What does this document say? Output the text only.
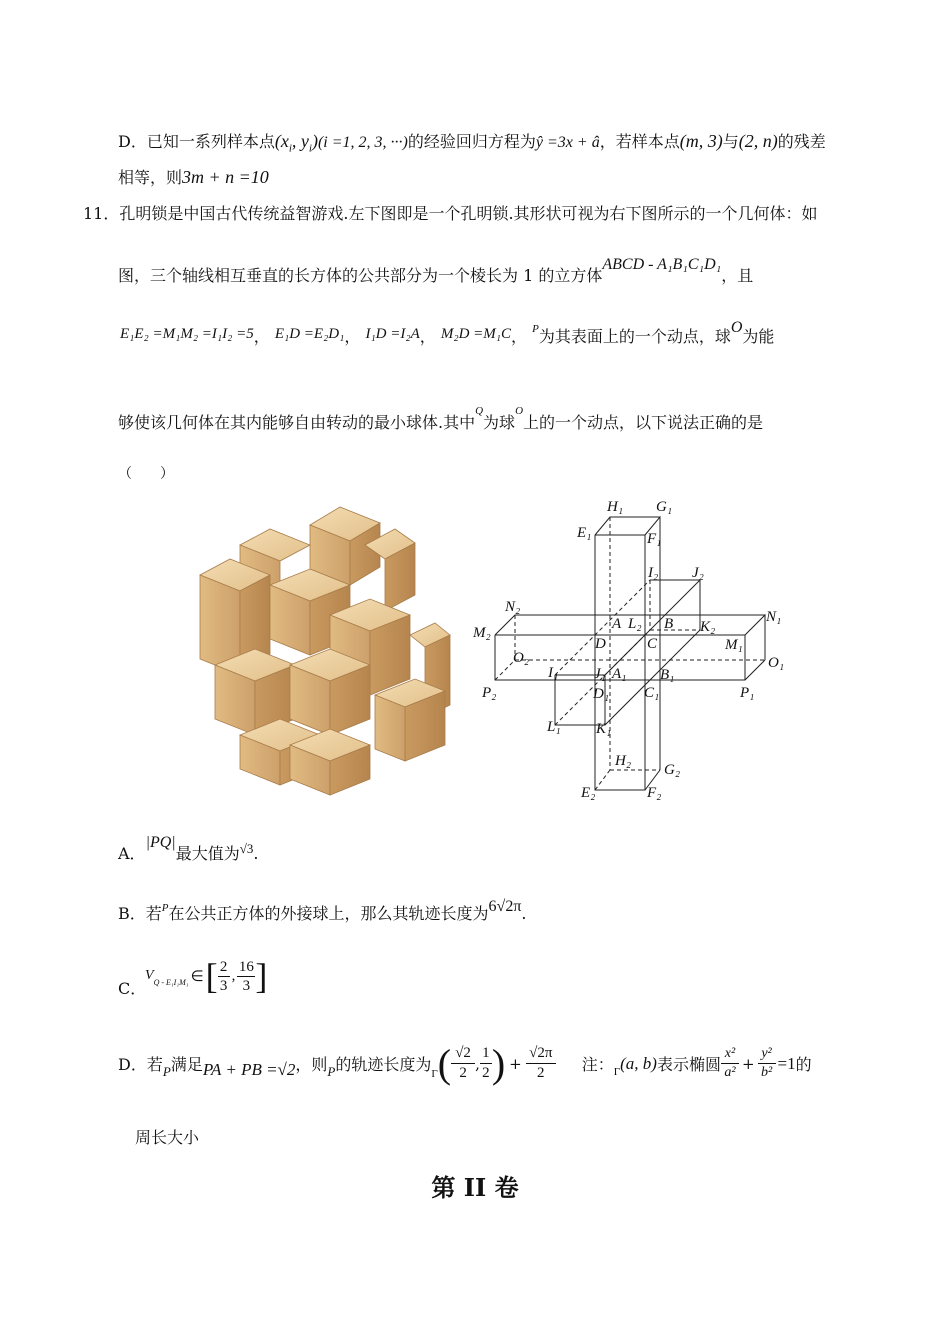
D．已知一系列样本点($x_i$, $y_i)(i =1$, 2, 3, ···)的经验回归方程为ŷ =3x + â，若样本点(m, 3)与(2, n)的残差
相等，则3m + n =10
11．孔明锁是中国古代传统益智游戏.左下图即是一个孔明锁.其形状可视为右下图所示的一个几何体：如
图，三个轴线相互垂直的长方体的公共部分为一个棱长为 1 的立方体ABCD - A₁B₁C₁D₁，且
E₁E₂ =M₁M₂ =I₁I₂ =5， E₁D =E₂D₁， I₁D =I₂A， M₂D =M₁C， $^P$为其表面上的一个动点，球O为能
够使该几何体在其内能够自由转动的最小球体.其中$^Q$为球$^O$上的一个动点，以下说法正确的是
（　　）
H₁ G₁
E₁	F₁
I₂ J₂
N₂
N₁
M₂
A L₂ B K₂
M₁
D	C
O₂	O₁
I₁ J₁ A₁ B₁
P₂	D₁ C₁	P₁
L₁ K₁
H₂
G₂
E₂	F₂
A．|PQ|最大值为$^{√3}$.
B．若$^P$在公共正方体的外接球上，那么其轨迹长度为6√2π.
C．
V Q - E₁I₁M₁ ∈ [ 2
3
,
16
3 ]
D． 若 P 满足 PA + PB =√2 ，则 P 的轨迹长度为 Γ ( √2
2
,
1
2 ) +
√2π
2 注： Γ (a, b) 表示椭圆
x²
a² +
y²
b² =1 的
周长大小
第 II 卷
